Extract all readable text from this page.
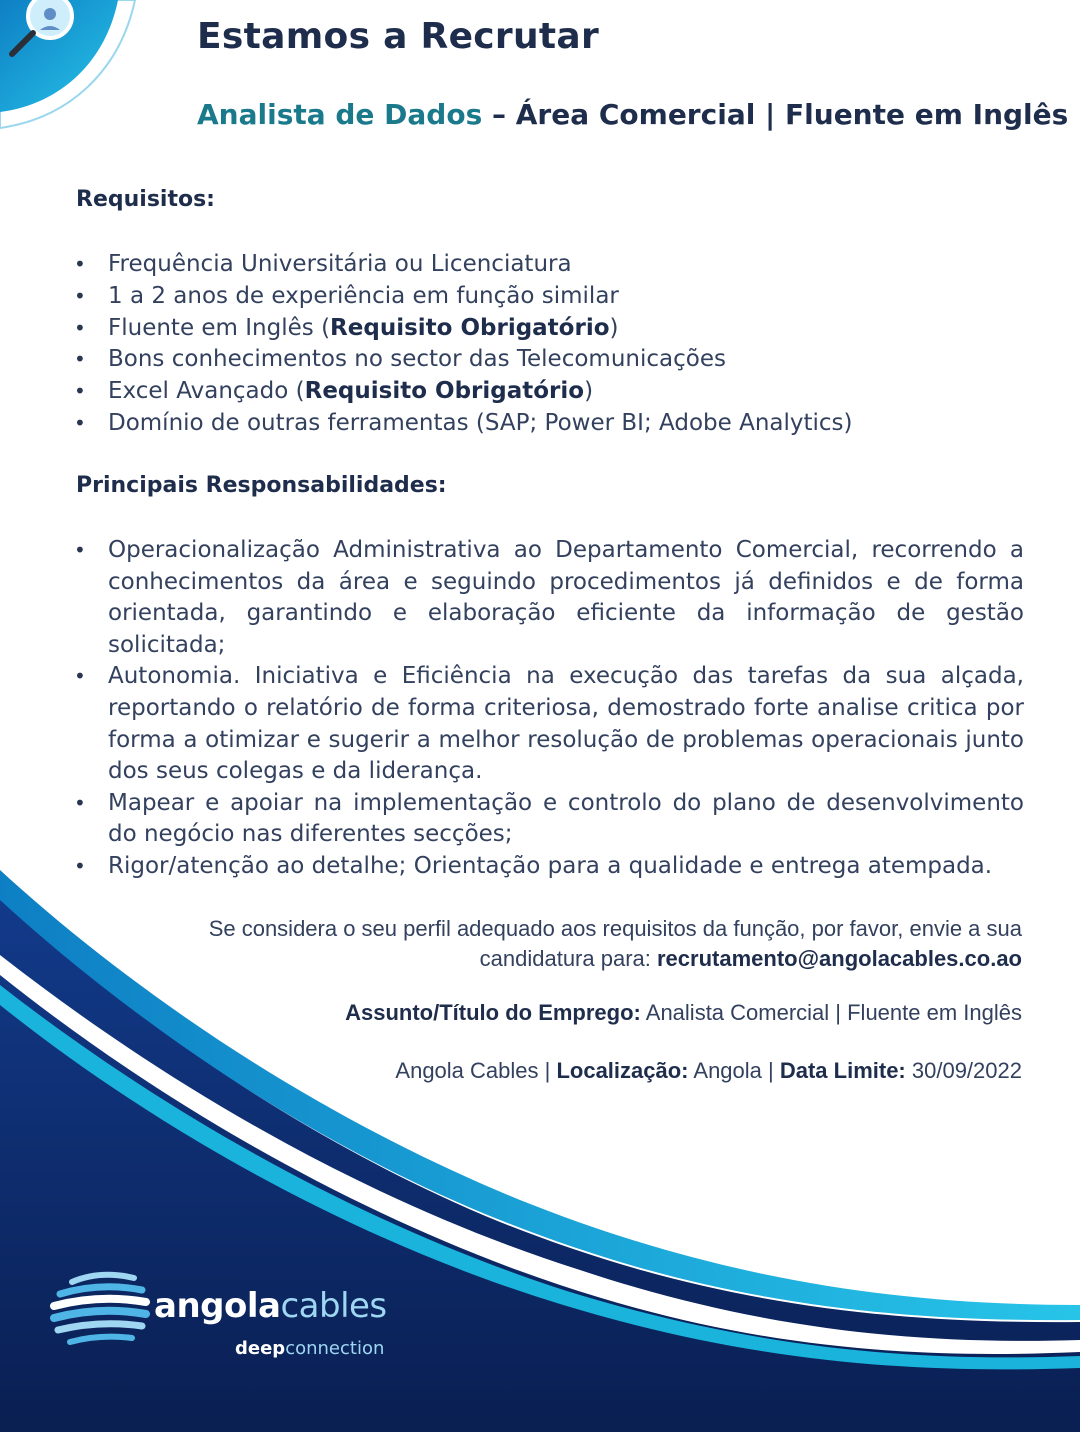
Estamos a Recrutar

Analista de Dados – Área Comercial | Fluente em Inglês

Requisitos:
• Frequência Universitária ou Licenciatura
• 1 a 2 anos de experiência em função similar
• Fluente em Inglês (Requisito Obrigatório)
• Bons conhecimentos no sector das Telecomunicações
• Excel Avançado (Requisito Obrigatório)
• Domínio de outras ferramentas (SAP; Power BI; Adobe Analytics)
Principais Responsabilidades:
• Operacionalização Administrativa ao Departamento Comercial, recorrendo a conhecimentos da área e seguindo procedimentos já definidos e de forma orientada, garantindo e elaboração eficiente da informação de gestão solicitada;
• Autonomia. Iniciativa e Eficiência na execução das tarefas da sua alçada, reportando o relatório de forma criteriosa, demostrado forte analise critica por forma a otimizar e sugerir a melhor resolução de problemas operacionais junto dos seus colegas e da liderança.
• Mapear e apoiar na implementação e controlo do plano de desenvolvimento do negócio nas diferentes secções;
• Rigor/atenção ao detalhe; Orientação para a qualidade e entrega atempada.

Se considera o seu perfil adequado aos requisitos da função, por favor, envie a sua candidatura para: recrutamento@angolacables.co.ao

Assunto/Título do Emprego: Analista Comercial | Fluente em Inglês

Angola Cables | Localização: Angola | Data Limite: 30/09/2022

angolacables
deepconnection
